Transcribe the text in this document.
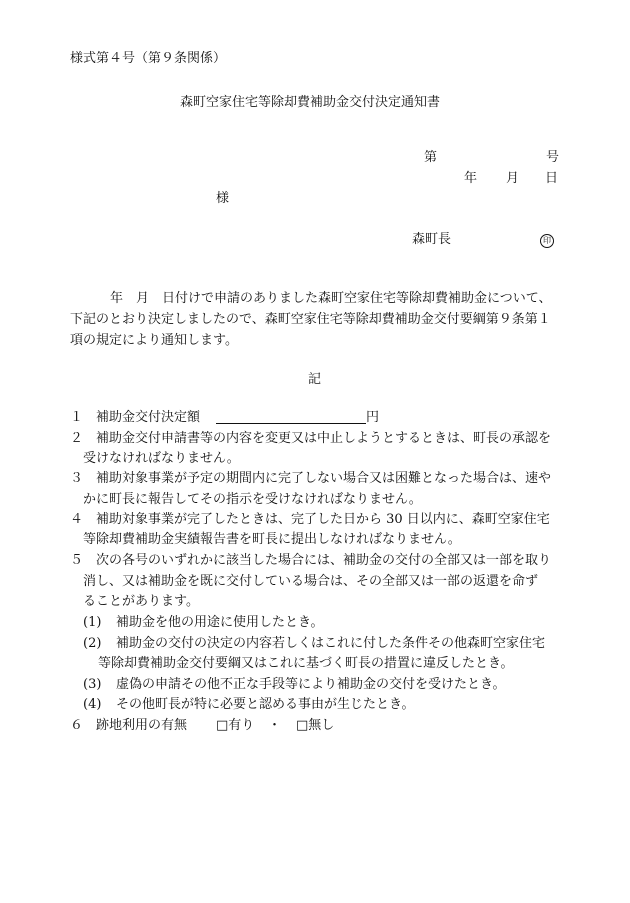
様式第４号（第９条関係）
森町空家住宅等除却費補助金交付決定通知書
第	号
年 月 日
様
森町長	印
年　月　日付けで申請のありました森町空家住宅等除却費補助金について、
下記のとおり決定しましたので、森町空家住宅等除却費補助金交付要綱第９条第１
項の規定により通知します。
記
１ 補助金交付決定額	円
２ 補助金交付申請書等の内容を変更又は中止しようとするときは、町長の承認を
受けなければなりません。
３ 補助対象事業が予定の期間内に完了しない場合又は困難となった場合は、速や
かに町長に報告してその指示を受けなければなりません。
４ 補助対象事業が完了したときは、完了した日から 30 日以内に、森町空家住宅
等除却費補助金実績報告書を町長に提出しなければなりません。
５ 次の各号のいずれかに該当した場合には、補助金の交付の全部又は一部を取り
消し、又は補助金を既に交付している場合は、その全部又は一部の返還を命ず
ることがあります。
(1) 補助金を他の用途に使用したとき。
(2) 補助金の交付の決定の内容若しくはこれに付した条件その他森町空家住宅
等除却費補助金交付要綱又はこれに基づく町長の措置に違反したとき。
(3) 虚偽の申請その他不正な手段等により補助金の交付を受けたとき。
(4) その他町長が特に必要と認める事由が生じたとき。
６ 跡地利用の有無 □有り ・ □無し
